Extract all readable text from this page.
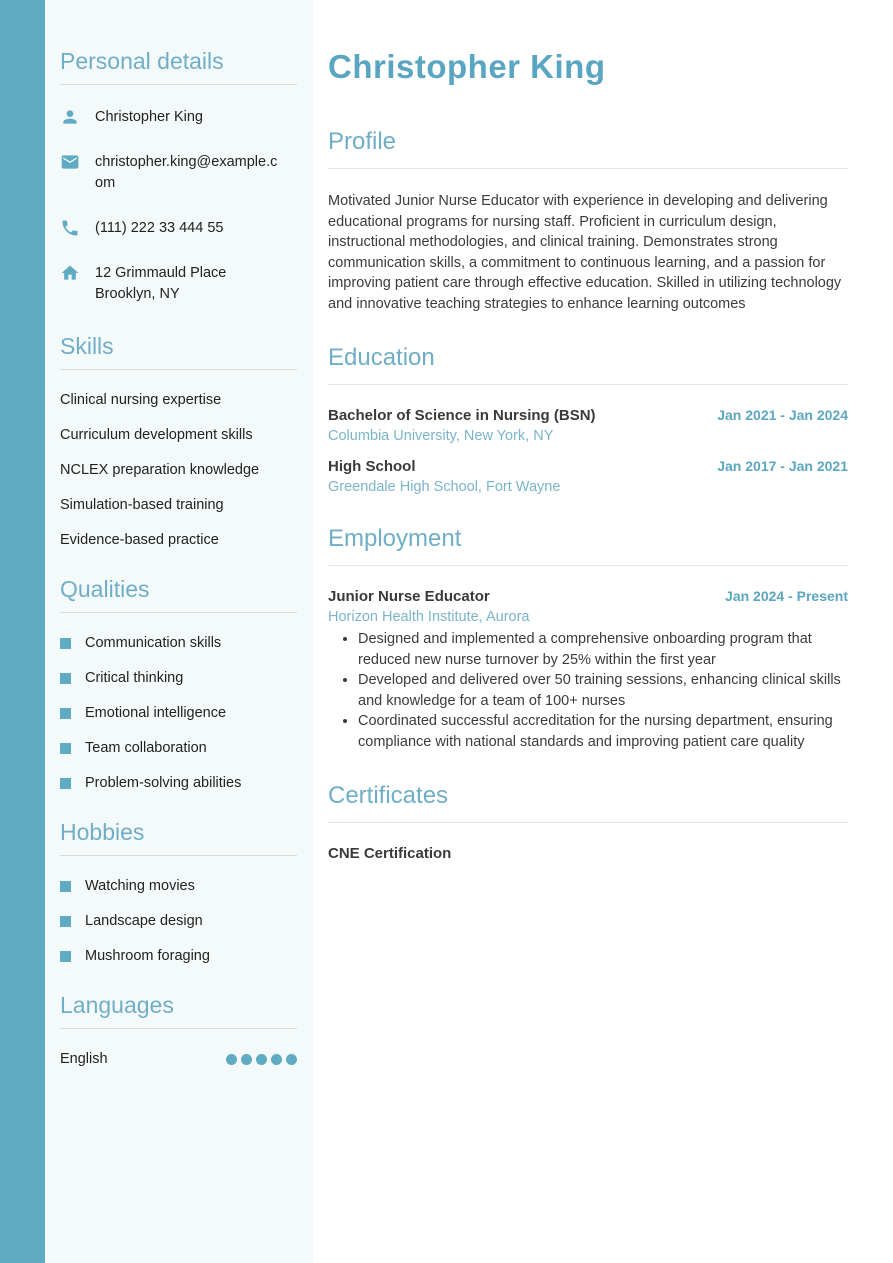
Personal details
Christopher King
christopher.king@example.com
(111) 222 33 444 55
12 Grimmauld Place
Brooklyn, NY
Skills
Clinical nursing expertise
Curriculum development skills
NCLEX preparation knowledge
Simulation-based training
Evidence-based practice
Qualities
Communication skills
Critical thinking
Emotional intelligence
Team collaboration
Problem-solving abilities
Hobbies
Watching movies
Landscape design
Mushroom foraging
Languages
English
Christopher King
Profile

Motivated Junior Nurse Educator with experience in developing and delivering educational programs for nursing staff. Proficient in curriculum design, instructional methodologies, and clinical training. Demonstrates strong communication skills, a commitment to continuous learning, and a passion for improving patient care through effective education. Skilled in utilizing technology and innovative teaching strategies to enhance learning outcomes

Education
Bachelor of Science in Nursing (BSN)	Jan 2021 - Jan 2024
Columbia University, New York, NY
High School	Jan 2017 - Jan 2021
Greendale High School, Fort Wayne
Employment
Junior Nurse Educator	Jan 2024 - Present
Horizon Health Institute, Aurora
• Designed and implemented a comprehensive onboarding program that reduced new nurse turnover by 25% within the first year
• Developed and delivered over 50 training sessions, enhancing clinical skills and knowledge for a team of 100+ nurses
• Coordinated successful accreditation for the nursing department, ensuring compliance with national standards and improving patient care quality
Certificates
CNE Certification
